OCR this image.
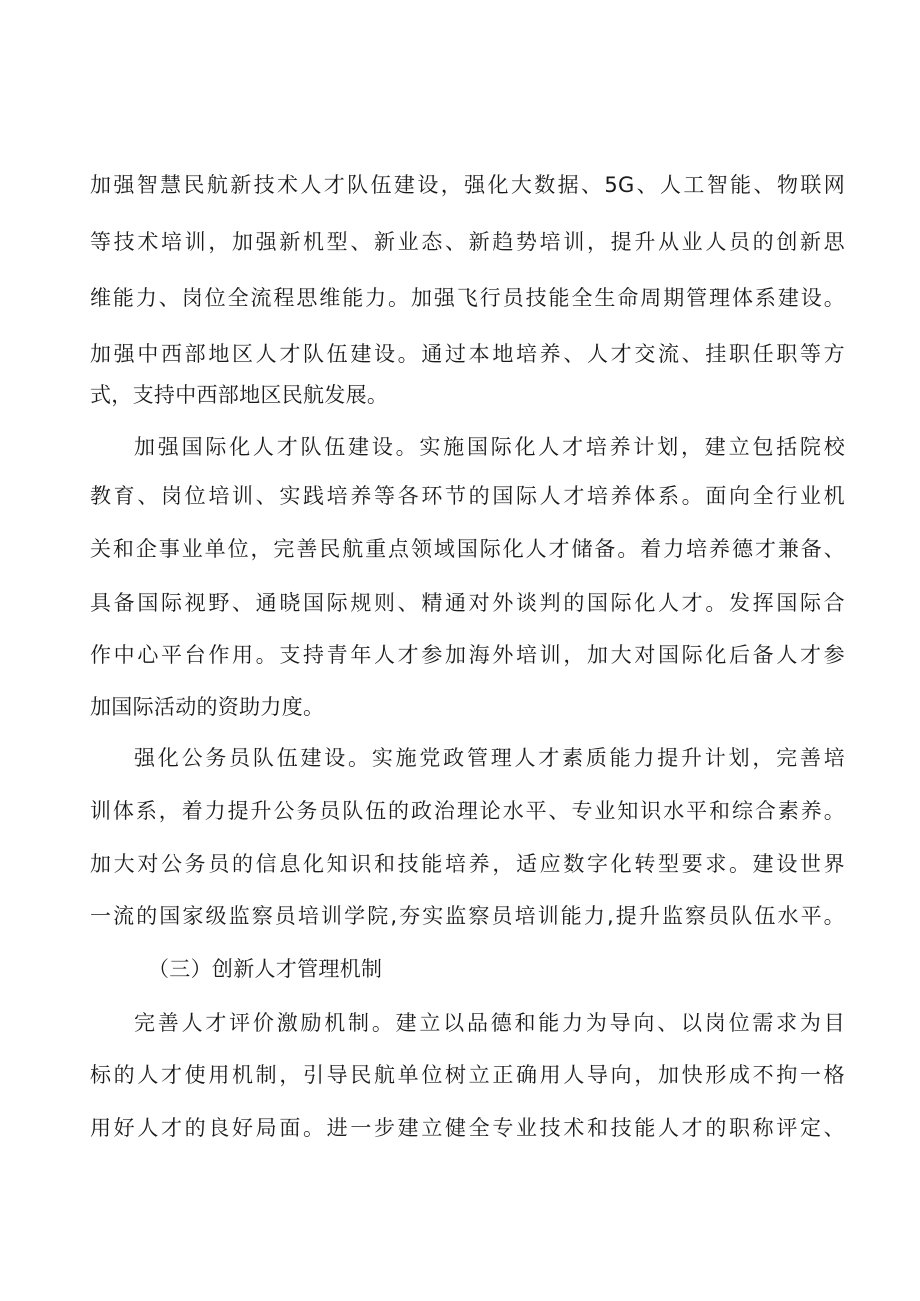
加强智慧民航新技术人才队伍建设，强化大数据、5G、人工智能、物联网
等技术培训，加强新机型、新业态、新趋势培训，提升从业人员的创新思
维能力、岗位全流程思维能力。加强飞行员技能全生命周期管理体系建设。
加强中西部地区人才队伍建设。通过本地培养、人才交流、挂职任职等方
式，支持中西部地区民航发展。
加强国际化人才队伍建设。实施国际化人才培养计划，建立包括院校
教育、岗位培训、实践培养等各环节的国际人才培养体系。面向全行业机
关和企事业单位，完善民航重点领域国际化人才储备。着力培养德才兼备、
具备国际视野、通晓国际规则、精通对外谈判的国际化人才。发挥国际合
作中心平台作用。支持青年人才参加海外培训，加大对国际化后备人才参
加国际活动的资助力度。
强化公务员队伍建设。实施党政管理人才素质能力提升计划，完善培
训体系，着力提升公务员队伍的政治理论水平、专业知识水平和综合素养。
加大对公务员的信息化知识和技能培养，适应数字化转型要求。建设世界
一流的国家级监察员培训学院,夯实监察员培训能力,提升监察员队伍水平。
（三）创新人才管理机制
完善人才评价激励机制。建立以品德和能力为导向、以岗位需求为目
标的人才使用机制，引导民航单位树立正确用人导向，加快形成不拘一格
用好人才的良好局面。进一步建立健全专业技术和技能人才的职称评定、
